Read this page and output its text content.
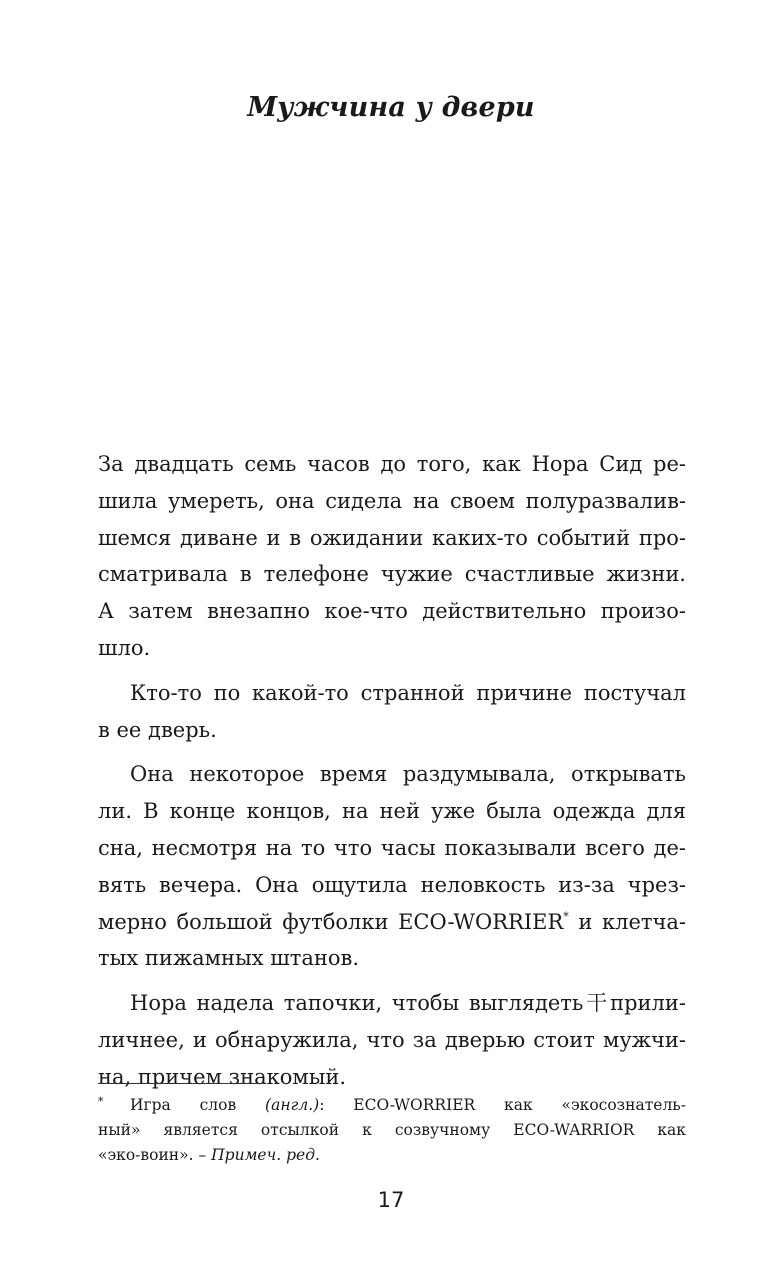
Мужчина у двери
За двадцать семь часов до того, как Нора Сид ре-
шила умереть, она сидела на своем полуразвалив-
шемся диване и в ожидании каких-то событий про-
сматривала в телефоне чужие счастливые жизни.
А затем внезапно кое-что действительно произо-
шло.
Кто-то по какой-то странной причине постучал
в ее дверь.
Она некоторое время раздумывала, открывать
ли. В конце концов, на ней уже была одежда для
сна, несмотря на то что часы показывали всего де-
вять вечера. Она ощутила неловкость из-за чрез-
мерно большой футболки ECO-WORRIER* и клетча-
тых пижамных штанов.
Нора надела тапочки, чтобы выглядеть干прили-
личнее, и обнаружила, что за дверью стоит мужчи-
на, причем знакомый.
*	Игра слов (англ.): ECO-WORRIER как «экосознатель-
ный» является отсылкой к созвучному ECO-WARRIOR как
«эко-воин». – Примеч. ред.
17
